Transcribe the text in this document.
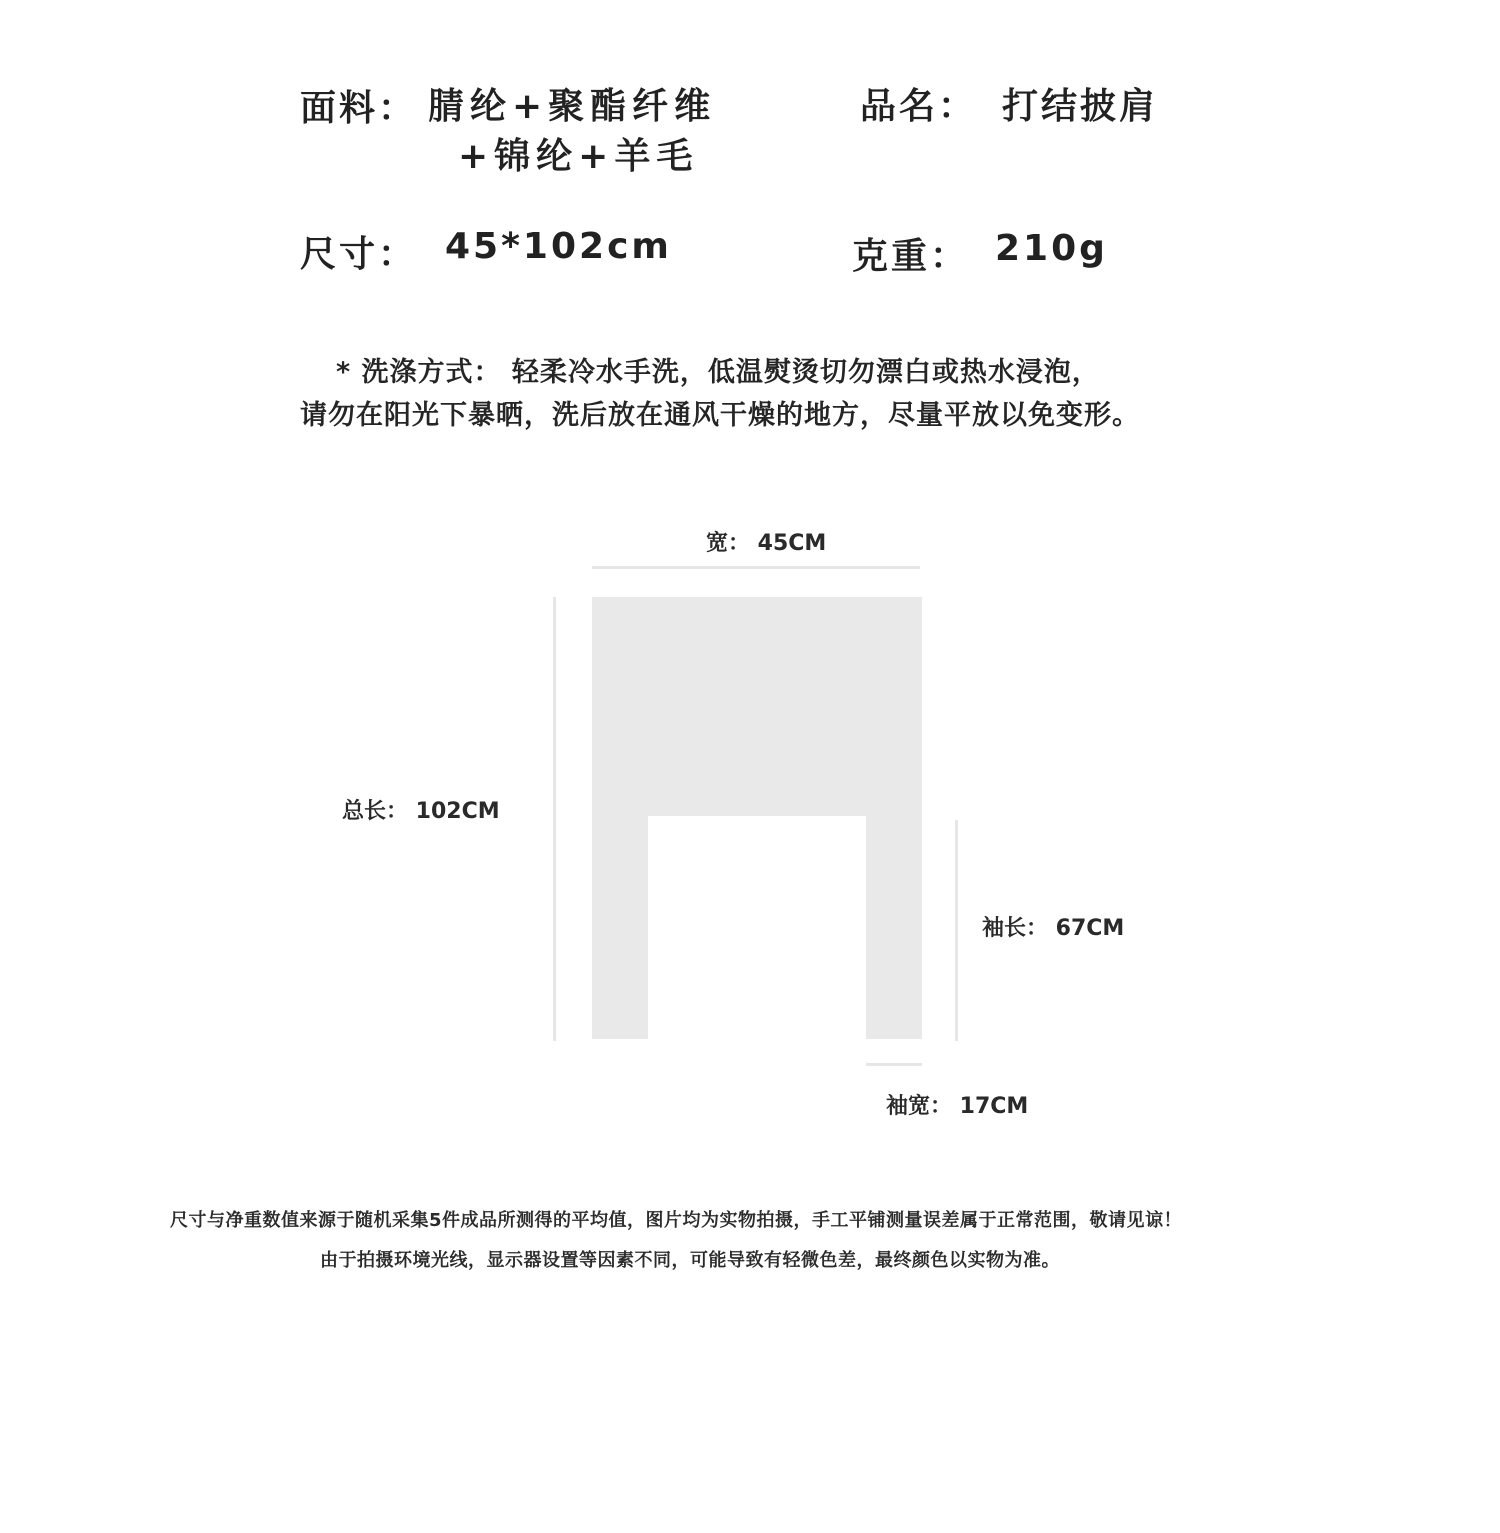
面料： 腈纶+聚酯纤维
+锦纶+羊毛
品名： 打结披肩
尺寸： 45*102cm	克重： 210g
* 洗涤方式： 轻柔冷水手洗，低温熨烫切勿漂白或热水浸泡，
请勿在阳光下暴晒，洗后放在通风干燥的地方，尽量平放以免变形。
宽： 45CM
总长： 102CM
袖长： 67CM
袖宽： 17CM
尺寸与净重数值来源于随机采集5件成品所测得的平均值，图片均为实物拍摄，手工平铺测量误差属于正常范围，敬请见谅！
由于拍摄环境光线，显示器设置等因素不同，可能导致有轻微色差，最终颜色以实物为准。
